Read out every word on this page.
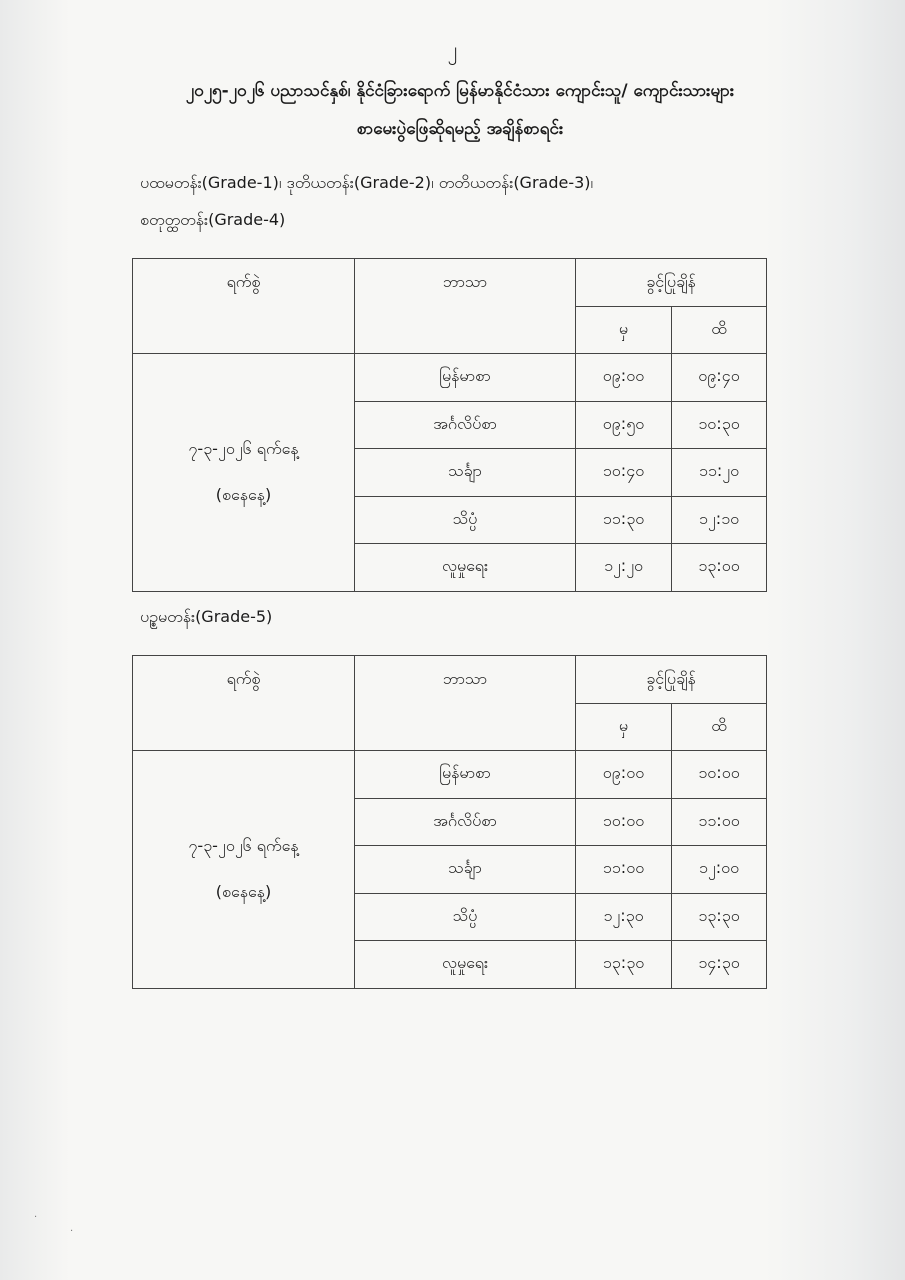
၂
၂၀၂၅-၂၀၂၆ ပညာသင်နှစ်၊ နိုင်ငံခြားရောက် မြန်မာနိုင်ငံသား ကျောင်းသူ/ ကျောင်းသားများ
စာမေးပွဲဖြေဆိုရမည့် အချိန်စာရင်း
ပထမတန်း(Grade-1)၊ ဒုတိယတန်း(Grade-2)၊ တတိယတန်း(Grade-3)၊
စတုတ္ထတန်း(Grade-4)
ရက်စွဲ	ဘာသာ	ခွင့်ပြုချိန်	
		မှ	ထိ

၇-၃-၂၀၂၆ ရက်နေ့
(စနေနေ့)	မြန်မာစာ	၀၉:၀၀	၀၉:၄၀
	အင်္ဂလိပ်စာ	၀၉:၅၀	၁၀:၃၀
	သင်္ချာ	၁၀:၄၀	၁၁:၂၀
	သိပ္ပံ	၁၁:၃၀	၁၂:၁၀
	လူမှုရေး	၁၂:၂၀	၁၃:၀၀
ပဉ္စမတန်း(Grade-5)
ရက်စွဲ	ဘာသာ	ခွင့်ပြုချိန်	
		မှ	ထိ

၇-၃-၂၀၂၆ ရက်နေ့
(စနေနေ့)	မြန်မာစာ	၀၉:၀၀	၁၀:၀၀
	အင်္ဂလိပ်စာ	၁၀:၀၀	၁၁:၀၀
	သင်္ချာ	၁၁:၀၀	၁၂:၀၀
	သိပ္ပံ	၁၂:၃၀	၁၃:၃၀
	လူမှုရေး	၁၃:၃၀	၁၄:၃၀
·
·
